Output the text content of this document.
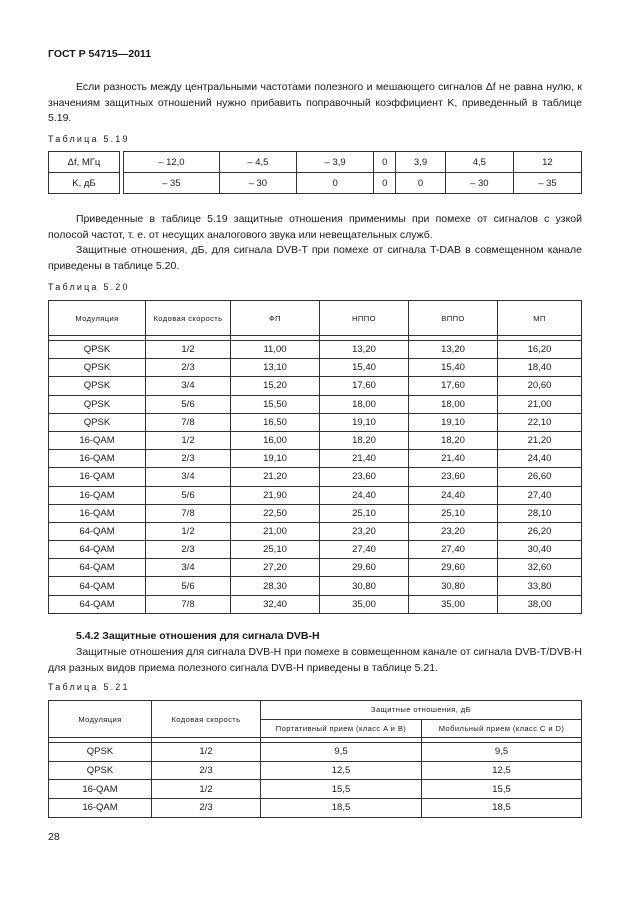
ГОСТ Р 54715—2011

Если разность между центральными частотами полезного и мешающего сигналов Δf не равна нулю, к значениям защитных отношений нужно прибавить поправочный коэффициент K, приведенный в таблице 5.19.

Таблица 5.19
Δf, МГц		– 12,0	– 4,5	– 3,9	0	3,9	4,5	12
K, дБ		– 35	– 30	0	0	0	– 30	– 35

Приведенные в таблице 5.19 защитные отношения применимы при помехе от сигналов с узкой полосой частот, т. е. от несущих аналогового звука или невещательных служб.

Защитные отношения, дБ, для сигнала DVB-T при помехе от сигнала T-DAB в совмещенном канале приведены в таблице 5.20.

Таблица 5.20
Модуляция	Кодовая скорость	ФП	НППО	ВППО	МП

QPSK	1/2	11,00	13,20	13,20	16,20
QPSK	2/3	13,10	15,40	15,40	18,40
QPSK	3/4	15,20	17,60	17,60	20,60
QPSK	5/6	15,50	18,00	18,00	21,00
QPSK	7/8	16,50	19,10	19,10	22,10
16-QAM	1/2	16,00	18,20	18,20	21,20
16-QAM	2/3	19,10	21,40	21,40	24,40
16-QAM	3/4	21,20	23,60	23,60	26,60
16-QAM	5/6	21,90	24,40	24,40	27,40
16-QAM	7/8	22,50	25,10	25,10	28,10
64-QAM	1/2	21,00	23,20	23,20	26,20
64-QAM	2/3	25,10	27,40	27,40	30,40
64-QAM	3/4	27,20	29,60	29,60	32,60
64-QAM	5/6	28,30	30,80	30,80	33,80
64-QAM	7/8	32,40	35,00	35,00	38,00
5.4.2 Защитные отношения для сигнала DVB-H

Защитные отношения для сигнала DVB-H при помехе в совмещенном канале от сигнала DVB-T/DVB-H для разных видов приема полезного сигнала DVB-H приведены в таблице 5.21.

Таблица 5.21
Модуляция	Кодовая скорость	Защитные отношения, дБ	
		Портативный прием (класс A и B)	Мобильный прием (класс C и D)

QPSK	1/2	9,5	9,5
QPSK	2/3	12,5	12,5
16-QAM	1/2	15,5	15,5
16-QAM	2/3	18,5	18,5
28
